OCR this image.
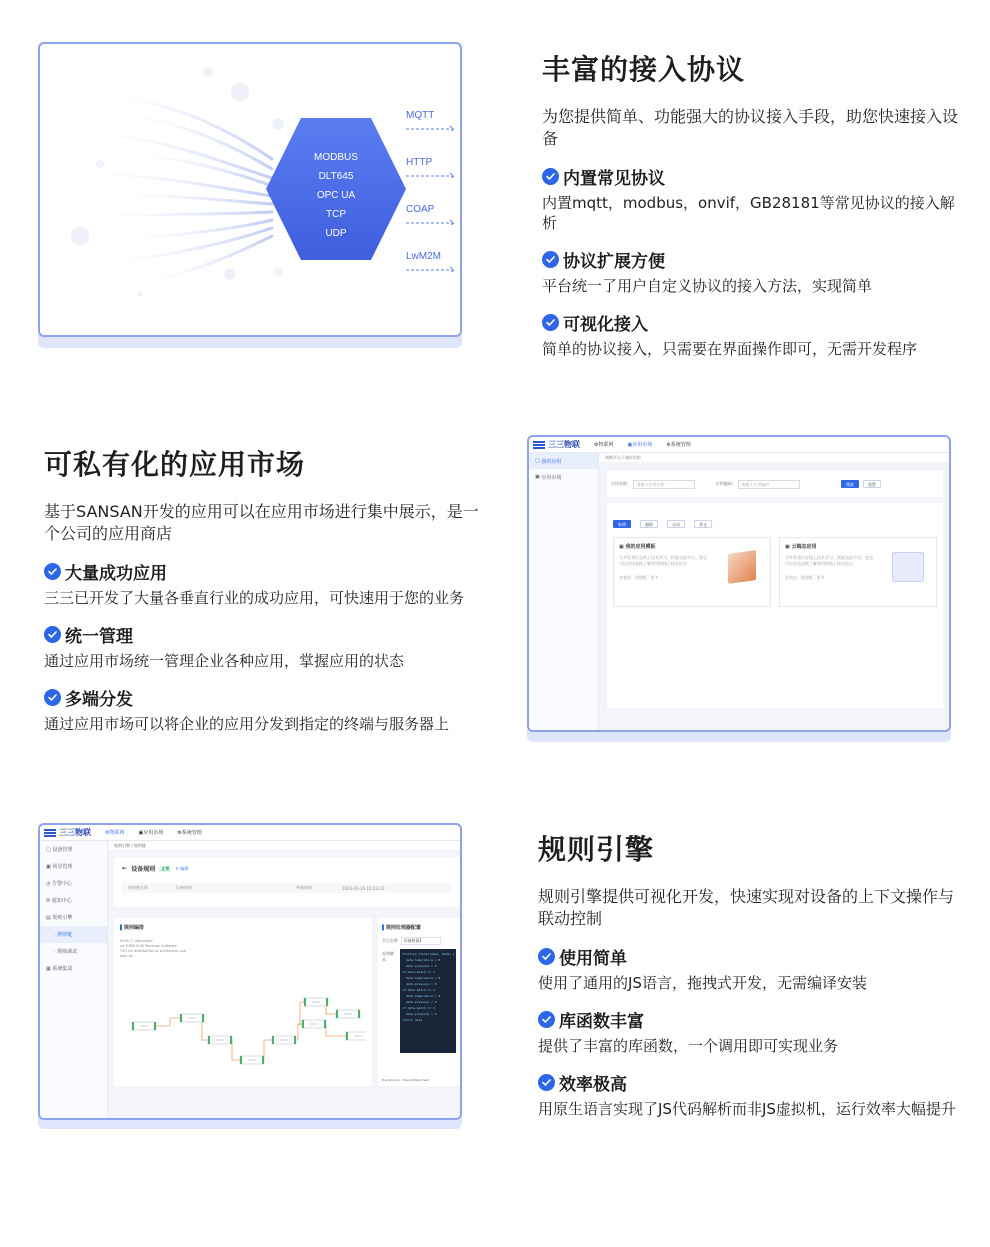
MODBUS
DLT645
OPC UA
TCP
UDP
MQTT
HTTP
COAP
LwM2M
丰富的接入协议
为您提供简单、功能强大的协议接入手段，助您快速接入设备
内置常见协议
内置mqtt，modbus，onvif，GB28181等常见协议的接入解析
协议扩展方便
平台统一了用户自定义协议的接入方法，实现简单
可视化接入
简单的协议接入，只需要在界面操作即可，无需开发程序
可私有化的应用市场
基于SANSAN开发的应用可以在应用市场进行集中展示，是一个公司的应用商店
大量成功应用
三三已开发了大量各垂直行业的成功应用，可快速用于您的业务
统一管理
通过应用市场统一管理企业各种应用，掌握应用的状态
多端分发
通过应用市场可以将企业的应用分发到指定的终端与服务器上
三三物联	⚙ 物联网	▣ 应用市场	⚙ 系统管理
▢ 我的应用
▣ 应用市场
请购平心 / 请应用市
应用名称:
	请输入应用名称
	应用编码:
	请输入应用编码
	搜索	重置
新增	删除	启动	停止
▣ 我的应用模板
为开发者们在线上技术学习、探索交流平台。您也可以在线直接了解常用的线上技术论坛
安装包 创建版 更多
▣ 云端态应用
为开发者们在线上技术学习、探索交流平台。您也可以在线直接了解常用的线上技术论坛
安装包 创建版 更多
三三物联	⚙ 物联网	▣ 应用市场	⚙ 系统管理
▢ 设备管理
▣ 场景管理
◷ 告警中心
✉ 通知中心
▤ 规则引擎
· 规则链
· 规则调试
▦ 系统集成
规则引擎 / 规则链
←
设备规则
	正常
	↻ 编辑
规则链名称	设备规则	更新时间	2023-03-29 15:23:22
▌规则编排
SuSS 打 redundant
ist THRB SUIS Reciproc Software
TSO for distribution or production use
tasc-oh
▌规则处理器配置
节点名称
	设备数据1
处理脚本
function filter(data, meta) {
data.temprature > 0
data.pressure > 0
if data.match == 1
data.temprature > 0
data.pressure > 0
if data.match == 2
data.temprature > 0
data.pressure > 0
if data.match == 3
data.pressure > 0
return data
Transformer / Transmitted Used
规则引擎
规则引擎提供可视化开发，快速实现对设备的上下文操作与联动控制
使用简单
使用了通用的JS语言，拖拽式开发，无需编译安装
库函数丰富
提供了丰富的库函数，一个调用即可实现业务
效率极高
用原生语言实现了JS代码解析而非JS虚拟机，运行效率大幅提升
